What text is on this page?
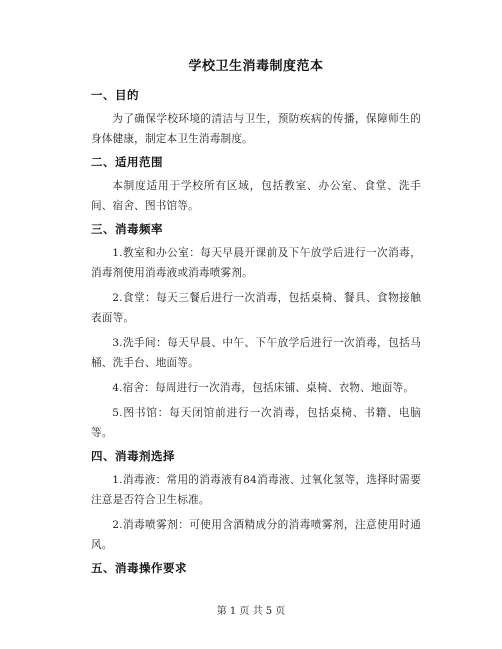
学校卫生消毒制度范本
一、目的

为了确保学校环境的清洁与卫生，预防疾病的传播，保障师生的身体健康，制定本卫生消毒制度。

二、适用范围

本制度适用于学校所有区域，包括教室、办公室、食堂、洗手间、宿舍、图书馆等。

三、消毒频率

1.教室和办公室：每天早晨开课前及下午放学后进行一次消毒，消毒剂使用消毒液或消毒喷雾剂。

2.食堂：每天三餐后进行一次消毒，包括桌椅、餐具、食物接触表面等。

3.洗手间：每天早晨、中午、下午放学后进行一次消毒，包括马桶、洗手台、地面等。

4.宿舍：每周进行一次消毒，包括床铺、桌椅、衣物、地面等。

5.图书馆：每天闭馆前进行一次消毒，包括桌椅、书籍、电脑等。

四、消毒剂选择

1.消毒液：常用的消毒液有84消毒液、过氧化氢等，选择时需要注意是否符合卫生标准。

2.消毒喷雾剂：可使用含酒精成分的消毒喷雾剂，注意使用时通风。

五、消毒操作要求
第 1 页 共 5 页
